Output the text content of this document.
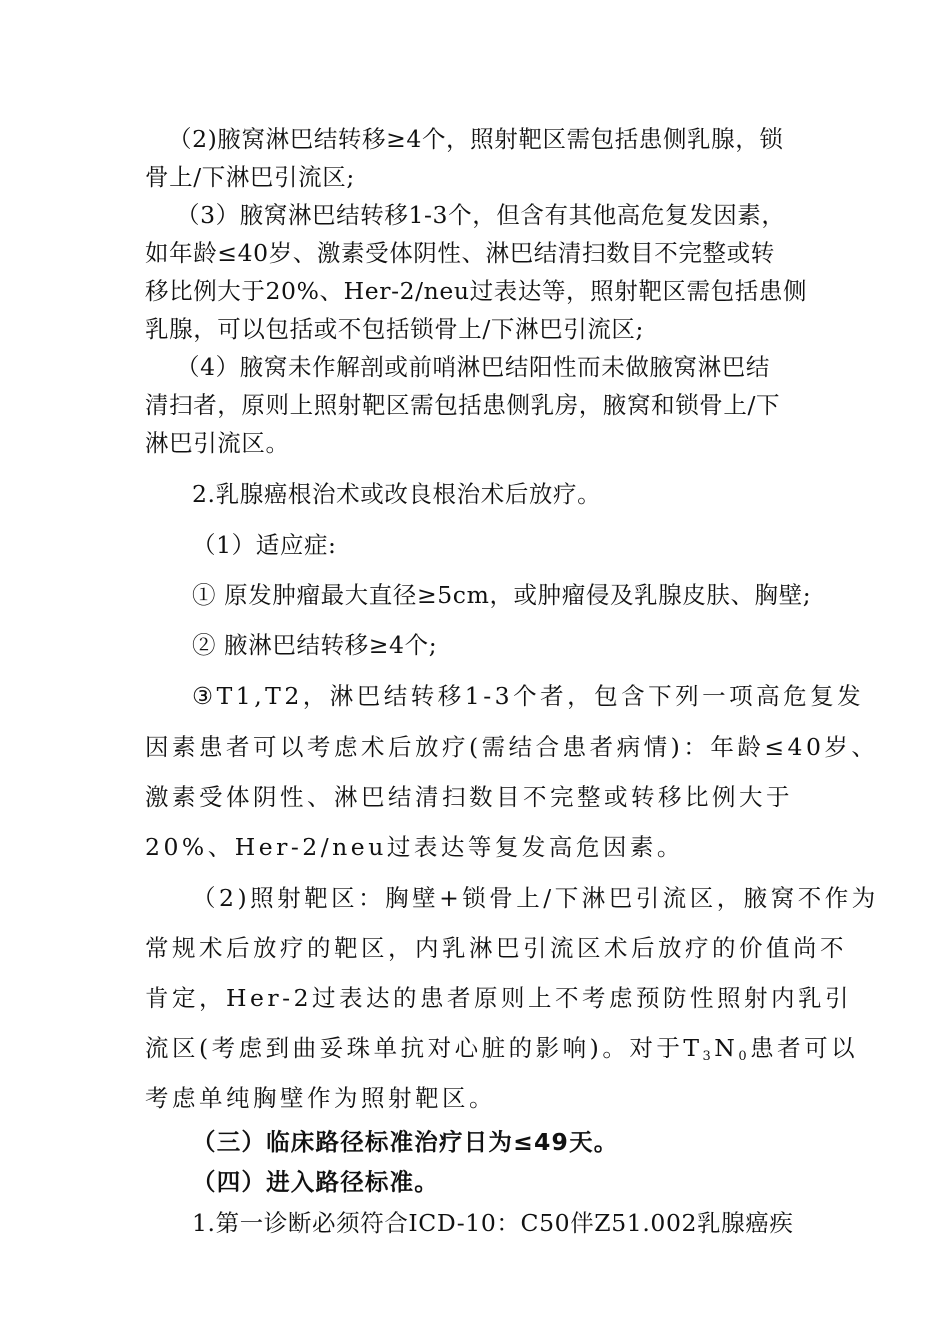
（2)腋窝淋巴结转移≥4个，照射靶区需包括患侧乳腺，锁
骨上/下淋巴引流区;
（3）腋窝淋巴结转移1-3个，但含有其他高危复发因素，
如年龄≤40岁、激素受体阴性、淋巴结清扫数目不完整或转
移比例大于20%、Her-2/neu过表达等，照射靶区需包括患侧
乳腺，可以包括或不包括锁骨上/下淋巴引流区;
（4）腋窝未作解剖或前哨淋巴结阳性而未做腋窝淋巴结
清扫者，原则上照射靶区需包括患侧乳房，腋窝和锁骨上/下
淋巴引流区。
2.乳腺癌根治术或改良根治术后放疗。
（1）适应症:
① 原发肿瘤最大直径≥5cm，或肿瘤侵及乳腺皮肤、胸壁;
② 腋淋巴结转移≥4个;
③T1,T2，淋巴结转移1-3个者，包含下列一项高危复发
因素患者可以考虑术后放疗(需结合患者病情)：年龄≤40岁、
激素受体阴性、淋巴结清扫数目不完整或转移比例大于
20%、Her-2/neu过表达等复发高危因素。
（2)照射靶区：胸壁+锁骨上/下淋巴引流区，腋窝不作为
常规术后放疗的靶区，内乳淋巴引流区术后放疗的价值尚不
肯定，Her-2过表达的患者原则上不考虑预防性照射内乳引
流区(考虑到曲妥珠单抗对心脏的影响)。对于$T_3N_0$患者可以
考虑单纯胸壁作为照射靶区。
（三）临床路径标准治疗日为≤49天。
（四）进入路径标准。
1.第一诊断必须符合ICD-10：C50伴Z51.002乳腺癌疾
